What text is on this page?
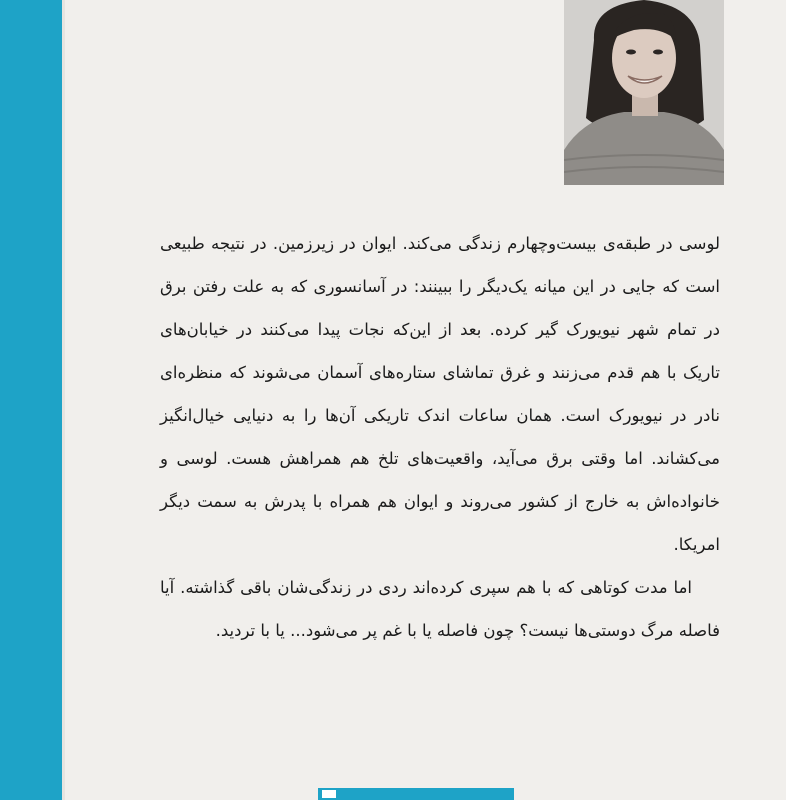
لوسی در طبقه‌ی بیست‌وچهارم زندگی می‌کند. ایوان در زیرزمین. در نتیجه طبیعی است که جایی در این میانه یک‌دیگر را ببینند: در آسانسوری که به علت رفتن برق در تمام شهر نیویورک گیر کرده. بعد از این‌که نجات پیدا می‌کنند در خیابان‌های تاریک با هم قدم می‌زنند و غرق تماشای ستاره‌های آسمان می‌شوند که منظره‌ای نادر در نیویورک است. همان ساعات اندک تاریکی آن‌ها را به دنیایی خیال‌انگیز می‌کشاند. اما وقتی برق می‌آید، واقعیت‌های تلخ هم همراهش هست. لوسی و خانواده‌اش به خارج از کشور می‌روند و ایوان هم همراه با پدرش به سمت دیگر امریکا.

اما مدت کوتاهی که با هم سپری کرده‌اند ردی در زندگی‌شان باقی گذاشته. آیا فاصله مرگ دوستی‌ها نیست؟ چون فاصله یا با غم پر می‌شود... یا با تردید.
